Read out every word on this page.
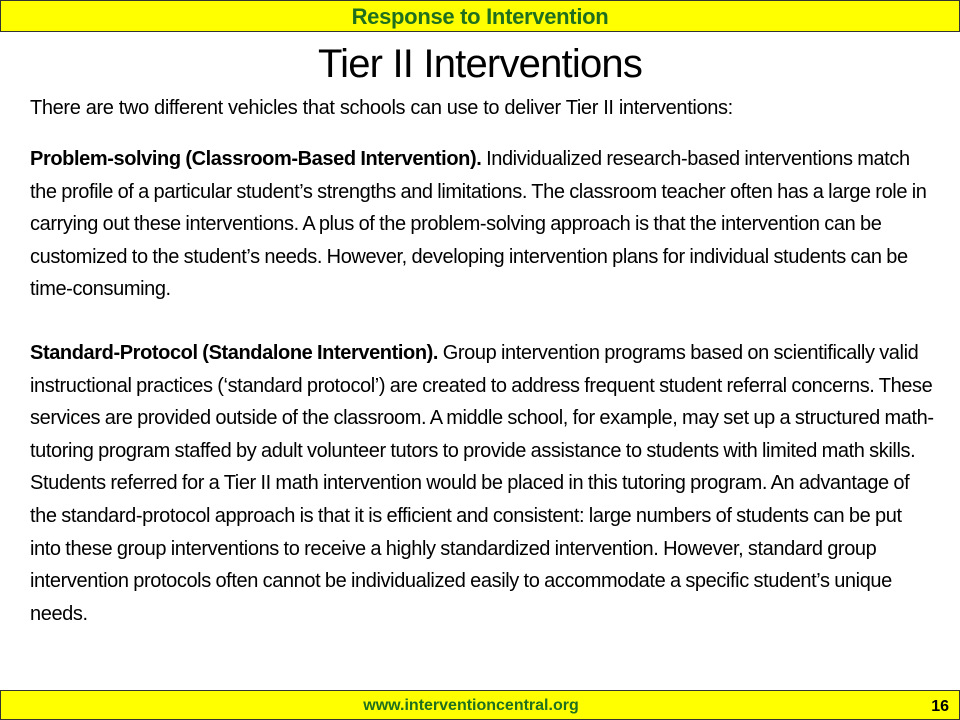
Response to Intervention
Tier II Interventions

There are two different vehicles that schools can use to deliver Tier II interventions:

Problem-solving (Classroom-Based Intervention). Individualized research-based interventions match the profile of a particular student’s strengths and limitations. The classroom teacher often has a large role in carrying out these interventions. A plus of the problem-solving approach is that the intervention can be customized to the student’s needs. However, developing intervention plans for individual students can be time-consuming.

Standard-Protocol (Standalone Intervention). Group intervention programs based on scientifically valid instructional practices (‘standard protocol’) are created to address frequent student referral concerns. These services are provided outside of the classroom. A middle school, for example, may set up a structured math-tutoring program staffed by adult volunteer tutors to provide assistance to students with limited math skills. Students referred for a Tier II math intervention would be placed in this tutoring program. An advantage of the standard-protocol approach is that it is efficient and consistent: large numbers of students can be put into these group interventions to receive a highly standardized intervention. However, standard group intervention protocols often cannot be individualized easily to accommodate a specific student’s unique needs.

www.interventioncentral.org	16
